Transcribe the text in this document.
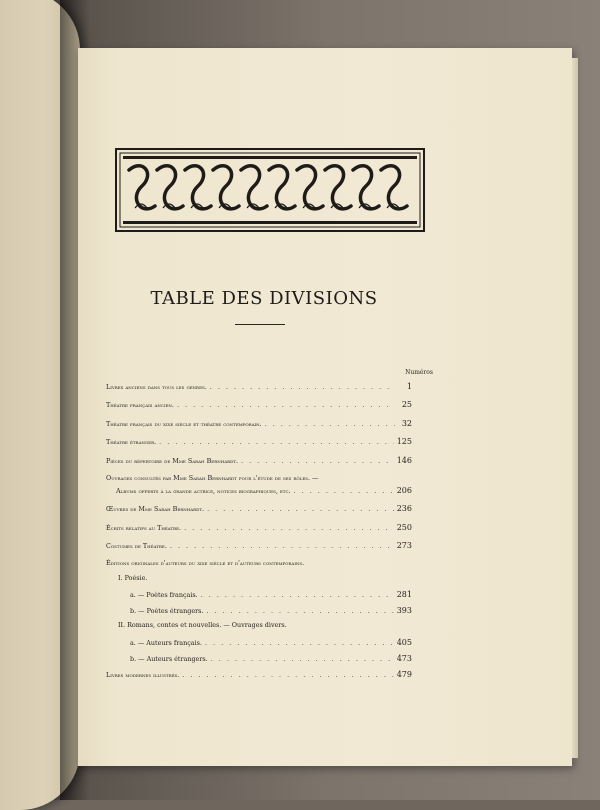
TABLE DES DIVISIONS
Numéros
Livres anciens dans tous les genres. . . .	1
Théatre français ancien. . . .	25
Théatre français du xixe siècle et théatre contemporain. . . .	32
Théatre étranger. . . .	125
Pièces du répertoire de Mme Sarah Bernhardt. . . .	146
Ouvrages consultés par Mme Sarah Bernhardt pour l'étude de ses rôles. —
Albums offerts à la grande actrice, notices biographiques, etc. . . .	206
Œuvres de Mme Sarah Bernhardt. . . .	236
Écrits relatifs au Théatre. . . .	250
Costumes de Théatre. . . .	273
Éditions originales d'auteurs du xixe siècle et d'auteurs contemporains.
I. Poésie.
a. — Poètes français. . . .	281
b. — Poètes étrangers. . . .	393
II. Romans, contes et nouvelles. — Ouvrages divers.
a. — Auteurs français. . . .	405
b. — Auteurs étrangers. . . .	473
Livres modernes illustrés. . . .	479
